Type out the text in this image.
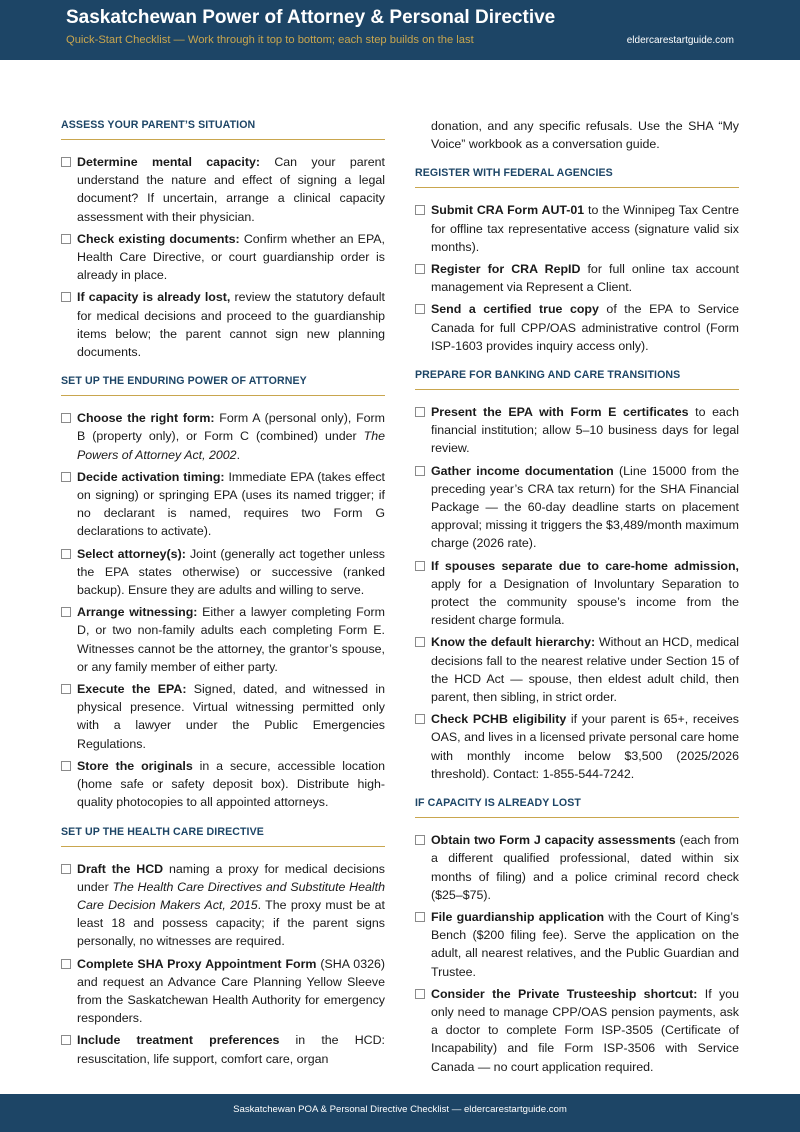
Saskatchewan Power of Attorney & Personal Directive
Quick-Start Checklist — Work through it top to bottom; each step builds on the last	eldercarestartguide.com
ASSESS YOUR PARENT’S SITUATION
Determine mental capacity: Can your parent understand the nature and effect of signing a legal document? If uncertain, arrange a clinical capacity assessment with their physician.
Check existing documents: Confirm whether an EPA, Health Care Directive, or court guardianship order is already in place.
If capacity is already lost, review the statutory default for medical decisions and proceed to the guardianship items below; the parent cannot sign new planning documents.
SET UP THE ENDURING POWER OF ATTORNEY
Choose the right form: Form A (personal only), Form B (property only), or Form C (combined) under The Powers of Attorney Act, 2002.
Decide activation timing: Immediate EPA (takes effect on signing) or springing EPA (uses its named trigger; if no declarant is named, requires two Form G declarations to activate).
Select attorney(s): Joint (generally act together unless the EPA states otherwise) or successive (ranked backup). Ensure they are adults and willing to serve.
Arrange witnessing: Either a lawyer completing Form D, or two non-family adults each completing Form E. Witnesses cannot be the attorney, the grantor’s spouse, or any family member of either party.
Execute the EPA: Signed, dated, and witnessed in physical presence. Virtual witnessing permitted only with a lawyer under the Public Emergencies Regulations.
Store the originals in a secure, accessible location (home safe or safety deposit box). Distribute high-quality photocopies to all appointed attorneys.
SET UP THE HEALTH CARE DIRECTIVE
Draft the HCD naming a proxy for medical decisions under The Health Care Directives and Substitute Health Care Decision Makers Act, 2015. The proxy must be at least 18 and possess capacity; if the parent signs personally, no witnesses are required.
Complete SHA Proxy Appointment Form (SHA 0326) and request an Advance Care Planning Yellow Sleeve from the Saskatchewan Health Authority for emergency responders.
Include treatment preferences in the HCD: resuscitation, life support, comfort care, organ

donation, and any specific refusals. Use the SHA “My Voice” workbook as a conversation guide.

REGISTER WITH FEDERAL AGENCIES
Submit CRA Form AUT-01 to the Winnipeg Tax Centre for offline tax representative access (signature valid six months).
Register for CRA RepID for full online tax account management via Represent a Client.
Send a certified true copy of the EPA to Service Canada for full CPP/OAS administrative control (Form ISP-1603 provides inquiry access only).
PREPARE FOR BANKING AND CARE TRANSITIONS
Present the EPA with Form E certificates to each financial institution; allow 5–10 business days for legal review.
Gather income documentation (Line 15000 from the preceding year’s CRA tax return) for the SHA Financial Package — the 60-day deadline starts on placement approval; missing it triggers the $3,489/month maximum charge (2026 rate).
If spouses separate due to care-home admission, apply for a Designation of Involuntary Separation to protect the community spouse’s income from the resident charge formula.
Know the default hierarchy: Without an HCD, medical decisions fall to the nearest relative under Section 15 of the HCD Act — spouse, then eldest adult child, then parent, then sibling, in strict order.
Check PCHB eligibility if your parent is 65+, receives OAS, and lives in a licensed private personal care home with monthly income below $3,500 (2025/2026 threshold). Contact: 1-855-544-7242.
IF CAPACITY IS ALREADY LOST
Obtain two Form J capacity assessments (each from a different qualified professional, dated within six months of filing) and a police criminal record check ($25–$75).
File guardianship application with the Court of King’s Bench ($200 filing fee). Serve the application on the adult, all nearest relatives, and the Public Guardian and Trustee.
Consider the Private Trusteeship shortcut: If you only need to manage CPP/OAS pension payments, ask a doctor to complete Form ISP-3505 (Certificate of Incapability) and file Form ISP-3506 with Service Canada — no court application required.
Saskatchewan POA & Personal Directive Checklist — eldercarestartguide.com
